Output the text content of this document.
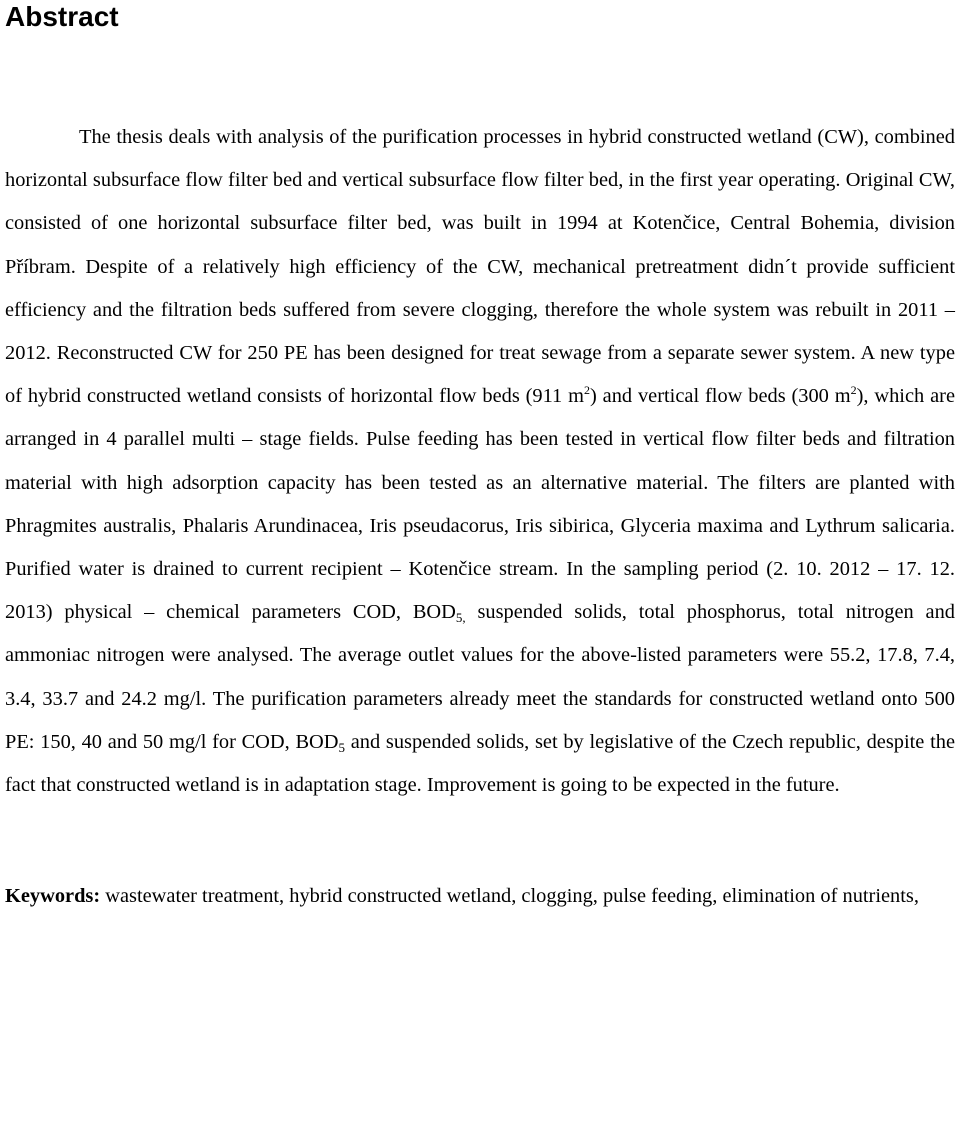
Abstract

The thesis deals with analysis of the purification processes in hybrid constructed wetland (CW), combined horizontal subsurface flow filter bed and vertical subsurface flow filter bed, in the first year operating. Original CW, consisted of one horizontal subsurface filter bed, was built in 1994 at Kotenčice, Central Bohemia, division Příbram. Despite of a relatively high efficiency of the CW, mechanical pretreatment didn´t provide sufficient efficiency and the filtration beds suffered from severe clogging, therefore the whole system was rebuilt in 2011 – 2012. Reconstructed CW for 250 PE has been designed for treat sewage from a separate sewer system. A new type of hybrid constructed wetland consists of horizontal flow beds (911 $m^2$) and vertical flow beds (300 $m^2$), which are arranged in 4 parallel multi – stage fields. Pulse feeding has been tested in vertical flow filter beds and filtration material with high adsorption capacity has been tested as an alternative material. The filters are planted with Phragmites australis, Phalaris Arundinacea, Iris pseudacorus, Iris sibirica, Glyceria maxima and Lythrum salicaria. Purified water is drained to current recipient – Kotenčice stream. In the sampling period (2. 10. 2012 – 17. 12. 2013) physical – chemical parameters COD, $BOD_{5,}$ suspended solids, total phosphorus, total nitrogen and ammoniac nitrogen were analysed. The average outlet values for the above-listed parameters were 55.2, 17.8, 7.4, 3.4, 33.7 and 24.2 mg/l. The purification parameters already meet the standards for constructed wetland onto 500 PE: 150, 40 and 50 mg/l for COD, $BOD_5$ and suspended solids, set by legislative of the Czech republic, despite the fact that constructed wetland is in adaptation stage. Improvement is going to be expected in the future.

Keywords: wastewater treatment, hybrid constructed wetland, clogging, pulse feeding, elimination of nutrients,
